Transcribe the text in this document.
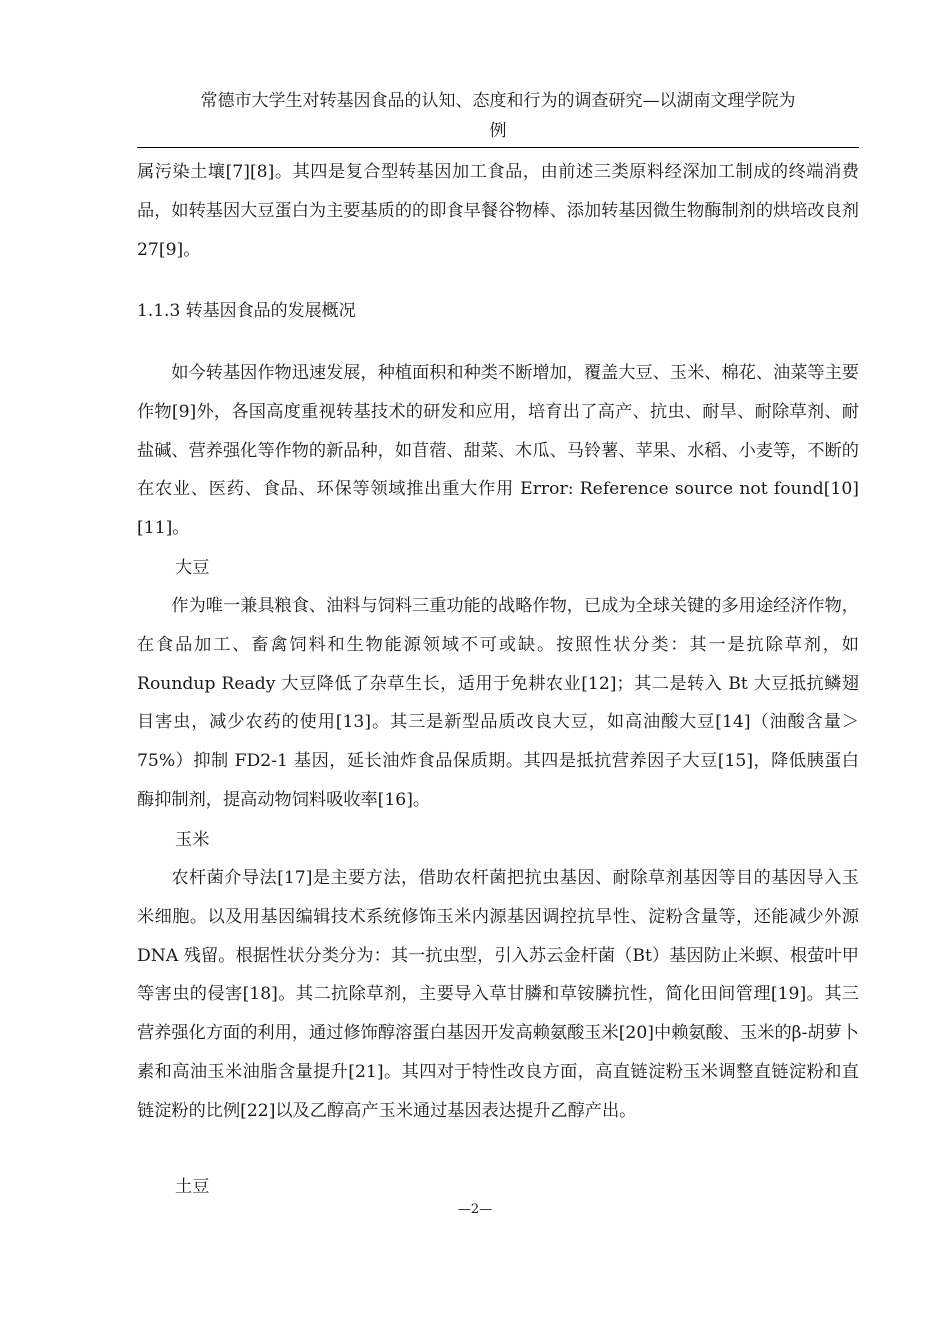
常德市大学生对转基因食品的认知、态度和行为的调查研究—以湖南文理学院为
例

属污染土壤[7][8]。其四是复合型转基因加工食品，由前述三类原料经深加工制成的终端消费品，如转基因大豆蛋白为主要基质的的即食早餐谷物棒、添加转基因微生物酶制剂的烘培改良剂27[9]。

1.1.3 转基因食品的发展概况

如今转基因作物迅速发展，种植面积和种类不断增加，覆盖大豆、玉米、棉花、油菜等主要作物[9]外，各国高度重视转基技术的研发和应用，培育出了高产、抗虫、耐旱、耐除草剂、耐盐碱、营养强化等作物的新品种，如苜蓿、甜菜、木瓜、马铃薯、苹果、水稻、小麦等，不断的在农业、医药、食品、环保等领域推出重大作用 Error: Reference source not found[10][11]。

大豆

作为唯一兼具粮食、油料与饲料三重功能的战略作物，已成为全球关键的多用途经济作物，在食品加工、畜禽饲料和生物能源领域不可或缺。按照性状分类：其一是抗除草剂，如 Roundup Ready 大豆降低了杂草生长，适用于免耕农业[12]；其二是转入 Bt 大豆抵抗鳞翅目害虫，减少农药的使用[13]。其三是新型品质改良大豆，如高油酸大豆[14]（油酸含量＞75%）抑制 FD2-1 基因，延长油炸食品保质期。其四是抵抗营养因子大豆[15]，降低胰蛋白酶抑制剂，提高动物饲料吸收率[16]。

玉米

农杆菌介导法[17]是主要方法，借助农杆菌把抗虫基因、耐除草剂基因等目的基因导入玉米细胞。以及用基因编辑技术系统修饰玉米内源基因调控抗旱性、淀粉含量等，还能减少外源 DNA 残留。根据性状分类分为：其一抗虫型，引入苏云金杆菌（Bt）基因防止米螟、根萤叶甲等害虫的侵害[18]。其二抗除草剂，主要导入草甘膦和草铵膦抗性，简化田间管理[19]。其三营养强化方面的利用，通过修饰醇溶蛋白基因开发高赖氨酸玉米[20]中赖氨酸、玉米的β-胡萝卜素和高油玉米油脂含量提升[21]。其四对于特性改良方面，高直链淀粉玉米调整直链淀粉和直链淀粉的比例[22]以及乙醇高产玉米通过基因表达提升乙醇产出。

土豆

—2—
